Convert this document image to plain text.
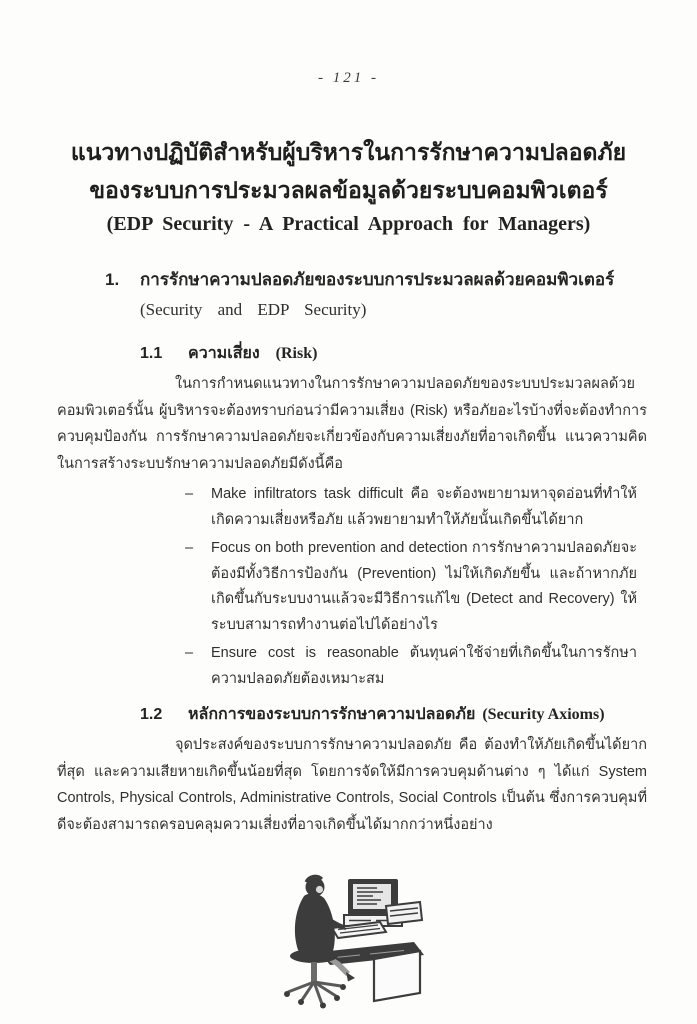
- 121 -
แนวทางปฏิบัติสำหรับผู้บริหารในการรักษาความปลอดภัย
ของระบบการประมวลผลข้อมูลด้วยระบบคอมพิวเตอร์
(EDP Security - A Practical Approach for Managers)
1.	การรักษาความปลอดภัยของระบบการประมวลผลด้วยคอมพิวเตอร์
(Security and EDP Security)
1.1	ความเสี่ยง (Risk)
ในการกำหนดแนวทางในการรักษาความปลอดภัยของระบบประมวลผลด้วยคอมพิวเตอร์นั้น ผู้บริหารจะต้องทราบก่อนว่ามีความเสี่ยง (Risk) หรือภัยอะไรบ้างที่จะต้องทำการควบคุมป้องกัน การรักษาความปลอดภัยจะเกี่ยวข้องกับความเสี่ยงภัยที่อาจเกิดขึ้น แนวความคิดในการสร้างระบบรักษาความปลอดภัยมีดังนี้คือ
–	Make infiltrators task difficult คือ จะต้องพยายามหาจุดอ่อนที่ทำให้เกิดความเสี่ยงหรือภัย แล้วพยายามทำให้ภัยนั้นเกิดขึ้นได้ยาก
–	Focus on both prevention and detection การรักษาความปลอดภัยจะต้องมีทั้งวิธีการป้องกัน (Prevention) ไม่ให้เกิดภัยขึ้น และถ้าหากภัยเกิดขึ้นกับระบบงานแล้วจะมีวิธีการแก้ไข (Detect and Recovery) ให้ระบบสามารถทำงานต่อไปได้อย่างไร
–	Ensure cost is reasonable ต้นทุนค่าใช้จ่ายที่เกิดขึ้นในการรักษาความปลอดภัยต้องเหมาะสม
1.2	หลักการของระบบการรักษาความปลอดภัย (Security Axioms)
จุดประสงค์ของระบบการรักษาความปลอดภัย คือ ต้องทำให้ภัยเกิดขึ้นได้ยากที่สุด และความเสียหายเกิดขึ้นน้อยที่สุด โดยการจัดให้มีการควบคุมด้านต่าง ๆ ได้แก่ System Controls, Physical Controls, Administrative Controls, Social Controls เป็นต้น ซึ่งการควบคุมที่ดีจะต้องสามารถครอบคลุมความเสี่ยงที่อาจเกิดขึ้นได้มากกว่าหนึ่งอย่าง
